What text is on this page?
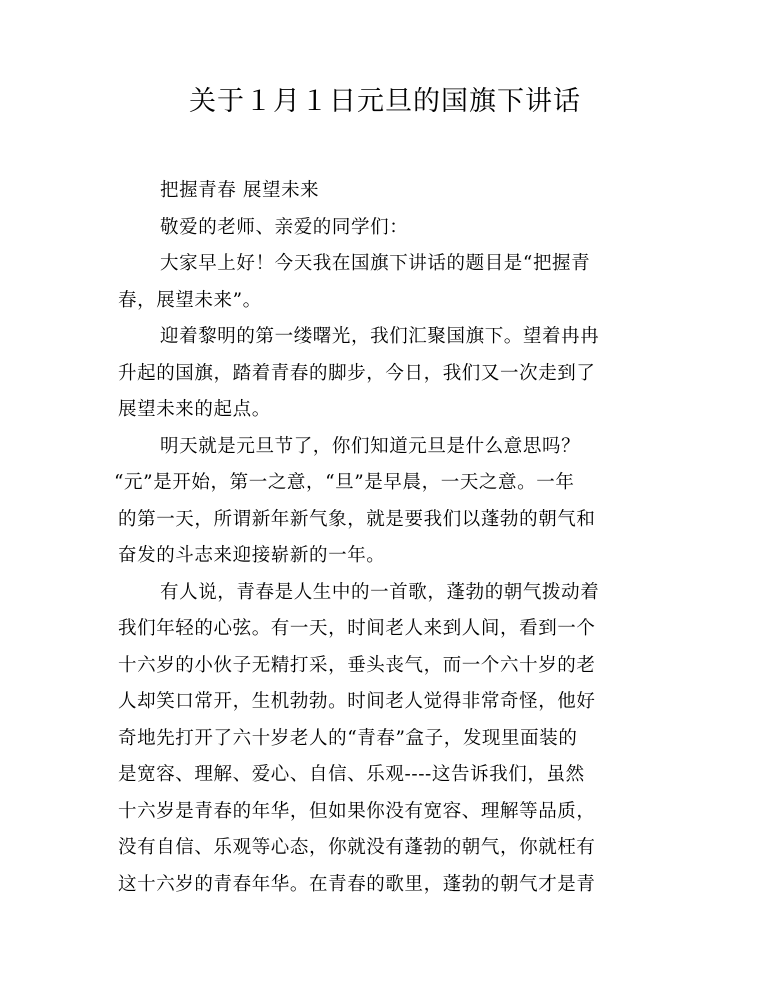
关于１月１日元旦的国旗下讲话
把握青春 展望未来
敬爱的老师、亲爱的同学们：
大家早上好！今天我在国旗下讲话的题目是“把握青
春，展望未来”。
迎着黎明的第一缕曙光，我们汇聚国旗下。望着冉冉
升起的国旗，踏着青春的脚步，今日，我们又一次走到了
展望未来的起点。
明天就是元旦节了，你们知道元旦是什么意思吗？
“元”是开始，第一之意，“旦”是早晨，一天之意。一年
的第一天，所谓新年新气象，就是要我们以蓬勃的朝气和
奋发的斗志来迎接崭新的一年。
有人说，青春是人生中的一首歌，蓬勃的朝气拨动着
我们年轻的心弦。有一天，时间老人来到人间，看到一个
十六岁的小伙子无精打采，垂头丧气，而一个六十岁的老
人却笑口常开，生机勃勃。时间老人觉得非常奇怪，他好
奇地先打开了六十岁老人的“青春”盒子，发现里面装的
是宽容、理解、爱心、自信、乐观----这告诉我们，虽然
十六岁是青春的年华，但如果你没有宽容、理解等品质，
没有自信、乐观等心态，你就没有蓬勃的朝气，你就枉有
这十六岁的青春年华。在青春的歌里，蓬勃的朝气才是青
